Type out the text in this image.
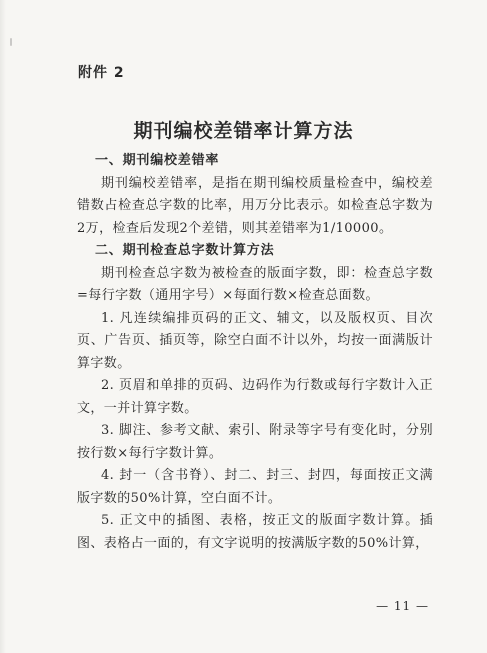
附件 2
期刊编校差错率计算方法

一、期刊编校差错率

期刊编校差错率，是指在期刊编校质量检查中，编校差错数占检查总字数的比率，用万分比表示。如检查总字数为2万，检查后发现2个差错，则其差错率为1/10000。

二、期刊检查总字数计算方法

期刊检查总字数为被检查的版面字数，即：检查总字数=每行字数（通用字号）×每面行数×检查总面数。

1. 凡连续编排页码的正文、辅文，以及版权页、目次页、广告页、插页等，除空白面不计以外，均按一面满版计算字数。

2. 页眉和单排的页码、边码作为行数或每行字数计入正文，一并计算字数。

3. 脚注、参考文献、索引、附录等字号有变化时，分别按行数×每行字数计算。

4. 封一（含书脊）、封二、封三、封四，每面按正文满版字数的50%计算，空白面不计。

5. 正文中的插图、表格，按正文的版面字数计算。插图、表格占一面的，有文字说明的按满版字数的50%计算，

— 11 —
